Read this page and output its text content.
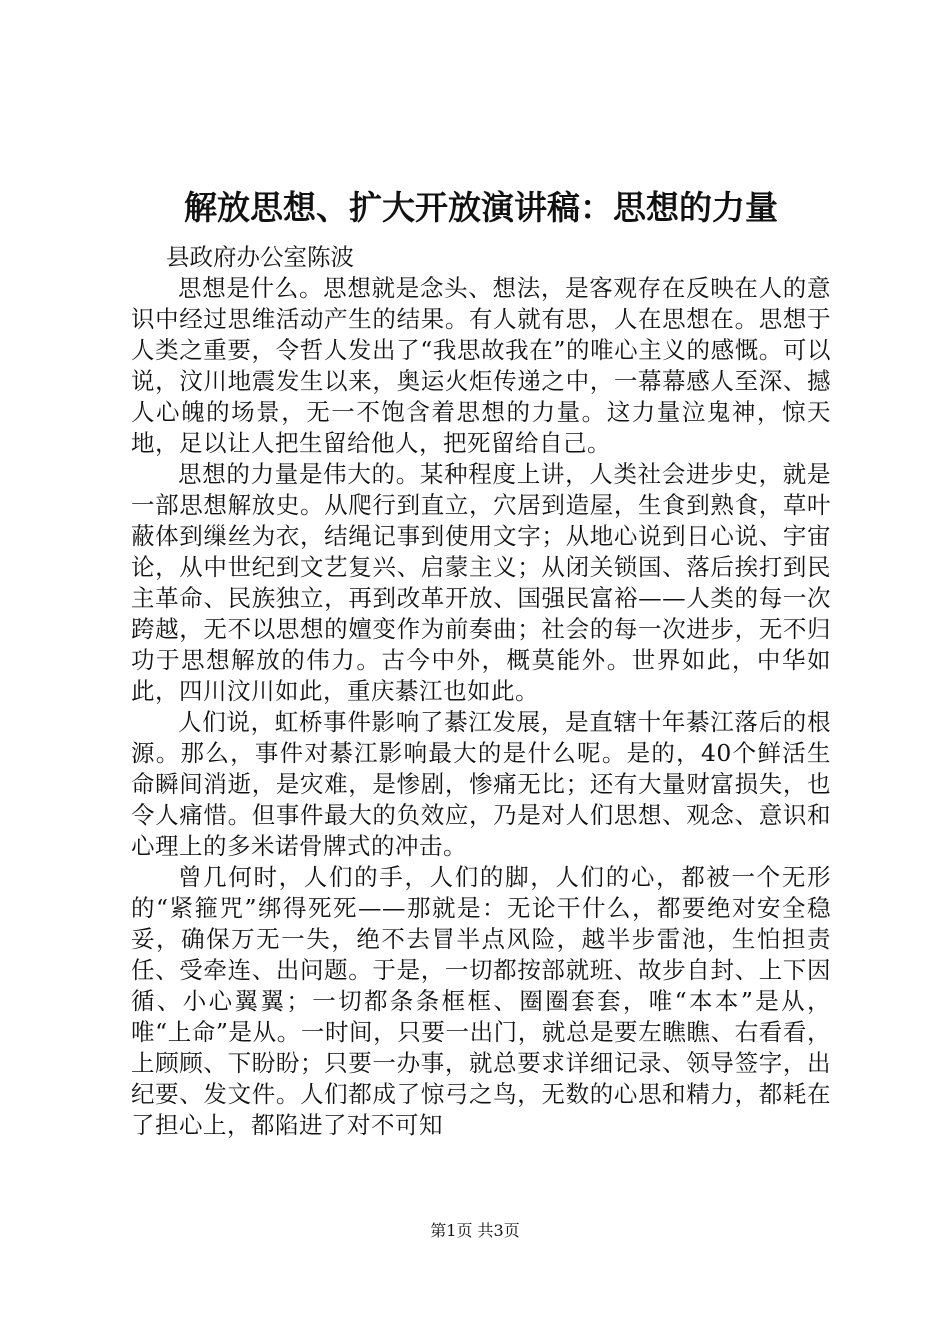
解放思想、扩大开放演讲稿：思想的力量

县政府办公室陈波

思想是什么。思想就是念头、想法，是客观存在反映在人的意识中经过思维活动产生的结果。有人就有思，人在思想在。思想于人类之重要，令哲人发出了“我思故我在”的唯心主义的感慨。可以说，汶川地震发生以来，奥运火炬传递之中，一幕幕感人至深、撼人心魄的场景，无一不饱含着思想的力量。这力量泣鬼神，惊天地，足以让人把生留给他人，把死留给自己。

思想的力量是伟大的。某种程度上讲，人类社会进步史，就是一部思想解放史。从爬行到直立，穴居到造屋，生食到熟食，草叶蔽体到缫丝为衣，结绳记事到使用文字；从地心说到日心说、宇宙论，从中世纪到文艺复兴、启蒙主义；从闭关锁国、落后挨打到民主革命、民族独立，再到改革开放、国强民富裕——人类的每一次跨越，无不以思想的嬗变作为前奏曲；社会的每一次进步，无不归功于思想解放的伟力。古今中外，概莫能外。世界如此，中华如此，四川汶川如此，重庆綦江也如此。

人们说，虹桥事件影响了綦江发展，是直辖十年綦江落后的根源。那么，事件对綦江影响最大的是什么呢。是的，40个鲜活生命瞬间消逝，是灾难，是惨剧，惨痛无比；还有大量财富损失，也令人痛惜。但事件最大的负效应，乃是对人们思想、观念、意识和心理上的多米诺骨牌式的冲击。

曾几何时，人们的手，人们的脚，人们的心，都被一个无形的“紧箍咒”绑得死死——那就是：无论干什么，都要绝对安全稳妥，确保万无一失，绝不去冒半点风险，越半步雷池，生怕担责任、受牵连、出问题。于是，一切都按部就班、故步自封、上下因循、小心翼翼；一切都条条框框、圈圈套套，唯“本本”是从，唯“上命”是从。一时间，只要一出门，就总是要左瞧瞧、右看看，上顾顾、下盼盼；只要一办事，就总要求详细记录、领导签字，出纪要、发文件。人们都成了惊弓之鸟，无数的心思和精力，都耗在了担心上，都陷进了对不可知

第1页 共3页
